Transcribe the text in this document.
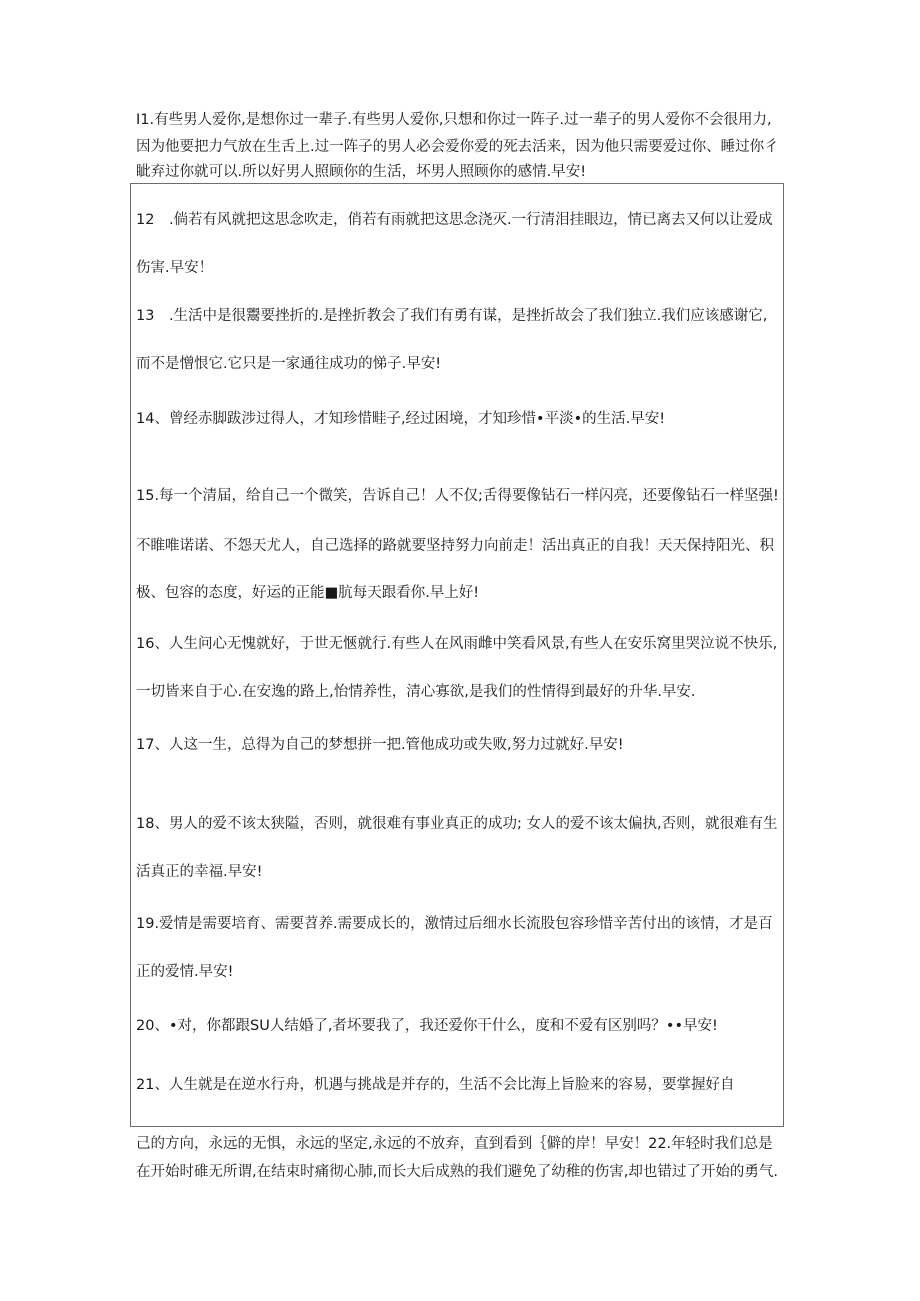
I1.有些男人爱你,是想你过一辈子.有些男人爱你,只想和你过一阵子.过一辈子的男人爱你不会很用力,
因为他要把力气放在生舌上.过一阵子的男人必会爱你爱的死去活来，因为他只需要爱过你、睡过你彳
眦弃过你就可以.所以好男人照顾你的生活，坏男人照顾你的感情.早安!
12　.倘若有风就把这思念吹走，俏若有雨就把这思念浇灭.一行清泪挂眼边，情已离去又何以让爱成
伤害.早安！
13　.生活中是很鬻要挫折的.是挫折教会了我们有勇有谋，是挫折故会了我们独立.我们应该感谢它,
而不是憎恨它.它只是一家通往成功的悌子.早安!
14、曾经赤脚跋涉过得人，才知珍惜畦子,经过困境，才知珍惜•平淡•的生活.早安!
15.每一个清届，给自己一个微笑，告诉自己！人不仅;舌得要像钻石一样闪亮，还要像钻石一样坚强!
不睢唯诺诺、不怨天尤人，自己选择的路就要坚持努力向前走！活出真正的自我！天天保持阳光、积
极、包容的态度，好运的正能■肮每天跟看你.早上好!
16、人生问心无愧就好，于世无愜就行.有些人在风雨雌中笑看风景,有些人在安乐窝里哭泣说不快乐,
一切皆来自于心.在安逸的路上,怡情养性，清心寡欲,是我们的性情得到最好的升华.早安.
17、人这一生，总得为自己的梦想拼一把.管他成功或失败,努力过就好.早安!
18、男人的爱不该太狭隘，否则，就很难有事业真正的成功; 女人的爱不该太偏执,否则，就很难有生
活真正的幸福.早安!
19.爱情是需要培育、需要苕养.需要成长的，激情过后细水长流股包容珍惜辛苦付出的该情，才是百
正的爱情.早安!
20、•对，你都跟SU人结婚了,者坏要我了，我还爱你干什么，度和不爱有区别吗？••早安!
21、人生就是在逆水行舟，机遇与挑战是并存的，生活不会比海上旨脸来的容易，要掌握好自
己的方向，永远的无惧，永远的坚定,永远的不放弃，直到看到｛僻的岸！早安！22.年轻时我们总是
在开始时碓无所谓,在结束时痛彻心肺,而长大后成熟的我们避免了幼稚的伤害,却也错过了开始的勇气.
